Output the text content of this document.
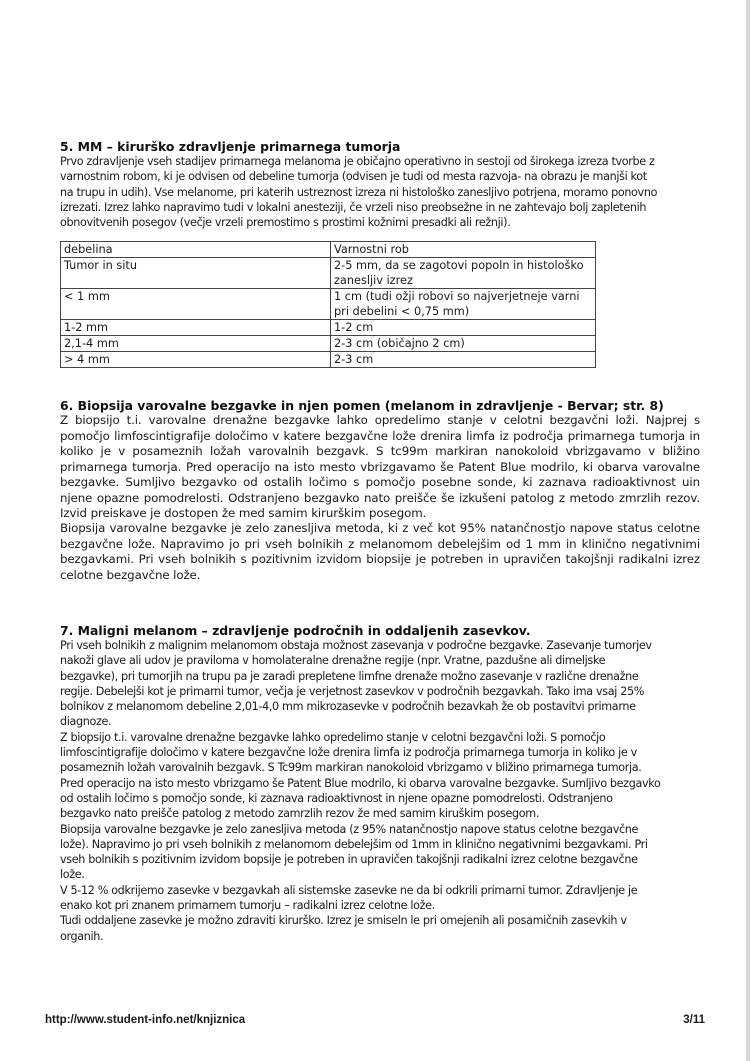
5. MM – kirurško zdravljenje primarnega tumorja

Prvo zdravljenje vseh stadijev primarnega melanoma je običajno operativno in sestoji od širokega izreza tvorbe z

varnostnim robom, ki je odvisen od debeline tumorja (odvisen je tudi od mesta razvoja- na obrazu je manjši kot

na trupu in udih). Vse melanome, pri katerih ustreznost izreza ni histološko zanesljivo potrjena, moramo ponovno

izrezati. Izrez lahko napravimo tudi v lokalni anesteziji, če vrzeli niso preobsežne in ne zahtevajo bolj zapletenih

obnovitvenih posegov (večje vrzeli premostimo s prostimi kožnimi presadki ali režnji).

debelina	Varnostni rob
Tumor in situ	2-5 mm, da se zagotovi popoln in histološko zanesljiv izrez
< 1 mm	1 cm (tudi ožji robovi so najverjetneje varni pri debelini < 0,75 mm)
1-2 mm	1-2 cm
2,1-4 mm	2-3 cm (običajno 2 cm)
> 4 mm	2-3 cm
6. Biopsija varovalne bezgavke in njen pomen (melanom in zdravljenje - Bervar; str. 8)

Z biopsijo t.i. varovalne drenažne bezgavke lahko opredelimo stanje v celotni bezgavčni loži. Najprej s pomočjo limfoscintigrafije določimo v katere bezgavčne lože drenira limfa iz področja primarnega tumorja in koliko je v posameznih ložah varovalnih bezgavk. S tc99m markiran nanokoloid vbrizgavamo v bližino primarnega tumorja. Pred operacijo na isto mesto vbrizgavamo še Patent Blue modrilo, ki obarva varovalne bezgavke. Sumljivo bezgavko od ostalih ločimo s pomočjo posebne sonde, ki zaznava radioaktivnost uin njene opazne pomodrelosti. Odstranjeno bezgavko nato preišče še izkušeni patolog z metodo zmrzlih rezov. Izvid preiskave je dostopen že med samim kirurškim posegom.

Biopsija varovalne bezgavke je zelo zanesljiva metoda, ki z več kot 95% natančnostjo napove status celotne bezgavčne lože. Napravimo jo pri vseh bolnikih z melanomom debelejšim od 1 mm in klinično negativnimi bezgavkami. Pri vseh bolnikih s pozitivnim izvidom biopsije je potreben in upravičen takojšnji radikalni izrez celotne bezgavčne lože.

7. Maligni melanom – zdravljenje področnih in oddaljenih zasevkov.

Pri vseh bolnikih z malignim melanomom obstaja možnost zasevanja v področne bezgavke. Zasevanje tumorjev

nakoži glave ali udov je praviloma v homolateralne drenažne regije (npr. Vratne, pazdušne ali dimeljske

bezgavke), pri tumorjih na trupu pa je zaradi prepletene limfne drenaže možno zasevanje v različne drenažne

regije. Debelejši kot je primarni tumor, večja je verjetnost zasevkov v področnih bezgavkah. Tako ima vsaj 25%

bolnikov z melanomom debeline 2,01-4,0 mm mikrozasevke v področnih bezavkah že ob postavitvi primarne

diagnoze.

Z biopsijo t.i. varovalne drenažne bezgavke lahko opredelimo stanje v celotni bezgavčni loži. S pomočjo

limfoscintigrafije določimo v katere bezgavčne lože drenira limfa iz področja primarnega tumorja in koliko je v

posameznih ložah varovalnih bezgavk. S Tc99m markiran nanokoloid vbrizgamo v bližino primarnega tumorja.

Pred operacijo na isto mesto vbrizgamo še Patent Blue modrilo, ki obarva varovalne bezgavke. Sumljivo bezgavko

od ostalih ločimo s pomočjo sonde, ki zaznava radioaktivnost in njene opazne pomodrelosti. Odstranjeno

bezgavko nato preišče patolog z metodo zamrzlih rezov že med samim kiruškim posegom.

Biopsija varovalne bezgavke je zelo zanesljiva metoda (z 95% natančnostjo napove status celotne bezgavčne

lože). Napravimo jo pri vseh bolnikih z melanomom debelejšim od 1mm in klinično negativnimi bezgavkami. Pri

vseh bolnikih s pozitivnim izvidom bopsije je potreben in upravičen takojšnji radikalni izrez celotne bezgavčne

lože.

V 5-12 % odkrijemo zasevke v bezgavkah ali sistemske zasevke ne da bi odkrili primarni tumor. Zdravljenje je

enako kot pri znanem primarnem tumorju – radikalni izrez celotne lože.

Tudi oddaljene zasevke je možno zdraviti kirurško. Izrez je smiseln le pri omejenih ali posamičnih zasevkih v

organih.

http://www.student-info.net/knjiznica	3/11
